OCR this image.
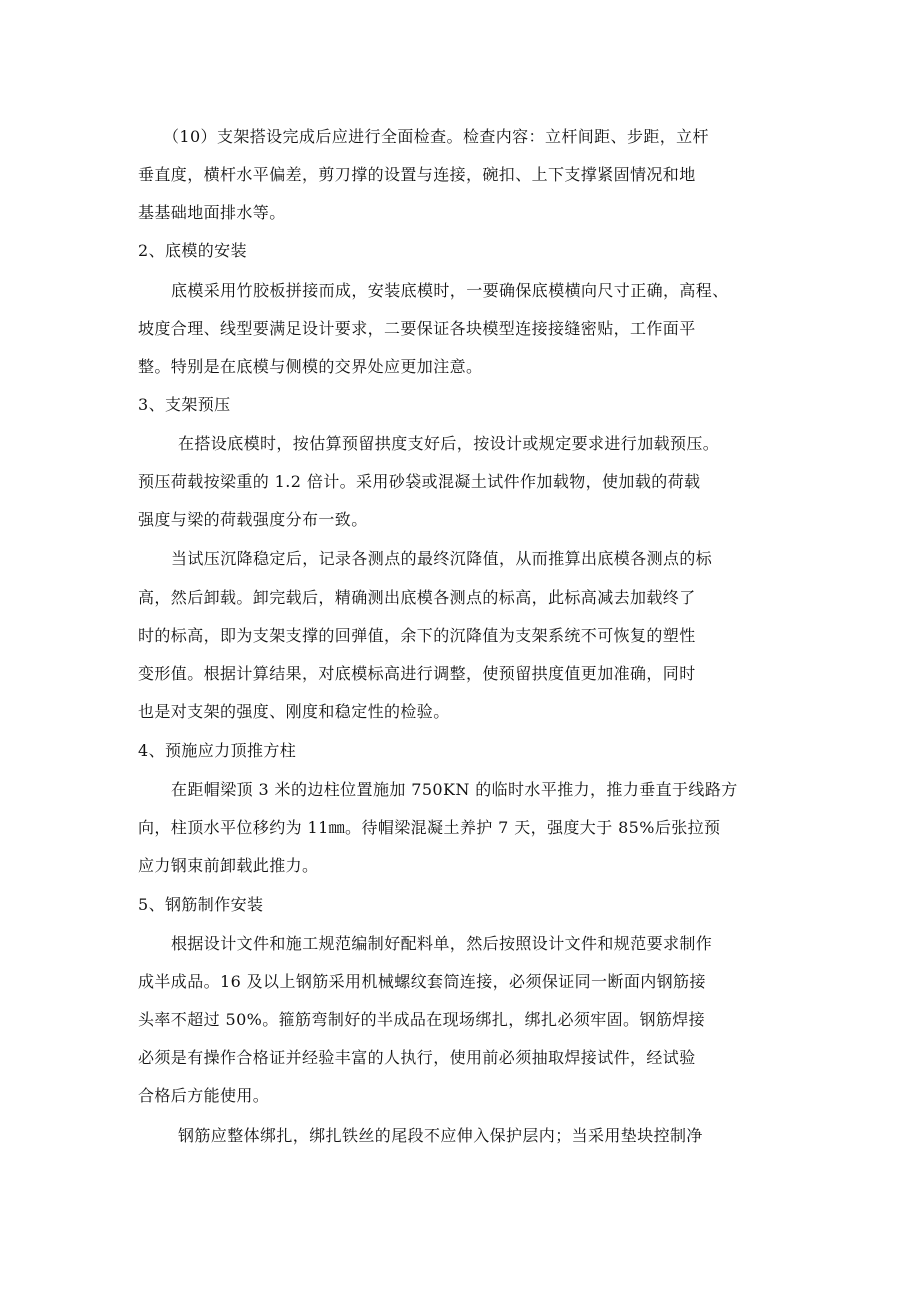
（10）支架搭设完成后应进行全面检查。检查内容：立杆间距、步距，立杆
垂直度，横杆水平偏差，剪刀撑的设置与连接，碗扣、上下支撑紧固情况和地
基基础地面排水等。
2、底模的安装
底模采用竹胶板拼接而成，安装底模时，一要确保底模横向尺寸正确，高程、
坡度合理、线型要满足设计要求，二要保证各块模型连接接缝密贴，工作面平
整。特别是在底模与侧模的交界处应更加注意。
3、支架预压
在搭设底模时，按估算预留拱度支好后，按设计或规定要求进行加载预压。
预压荷载按梁重的 1.2 倍计。采用砂袋或混凝土试件作加载物，使加载的荷载
强度与梁的荷载强度分布一致。
当试压沉降稳定后，记录各测点的最终沉降值，从而推算出底模各测点的标
高，然后卸载。卸完载后，精确测出底模各测点的标高，此标高减去加载终了
时的标高，即为支架支撑的回弹值，余下的沉降值为支架系统不可恢复的塑性
变形值。根据计算结果，对底模标高进行调整，使预留拱度值更加准确，同时
也是对支架的强度、刚度和稳定性的检验。
4、预施应力顶推方柱
在距帽梁顶 3 米的边柱位置施加 750KN 的临时水平推力，推力垂直于线路方
向，柱顶水平位移约为 11㎜。待帽梁混凝土养护 7 天，强度大于 85%后张拉预
应力钢束前卸载此推力。
5、钢筋制作安装
根据设计文件和施工规范编制好配料单，然后按照设计文件和规范要求制作
成半成品。16 及以上钢筋采用机械螺纹套筒连接，必须保证同一断面内钢筋接
头率不超过 50%。箍筋弯制好的半成品在现场绑扎，绑扎必须牢固。钢筋焊接
必须是有操作合格证并经验丰富的人执行，使用前必须抽取焊接试件，经试验
合格后方能使用。
钢筋应整体绑扎，绑扎铁丝的尾段不应伸入保护层内；当采用垫块控制净
